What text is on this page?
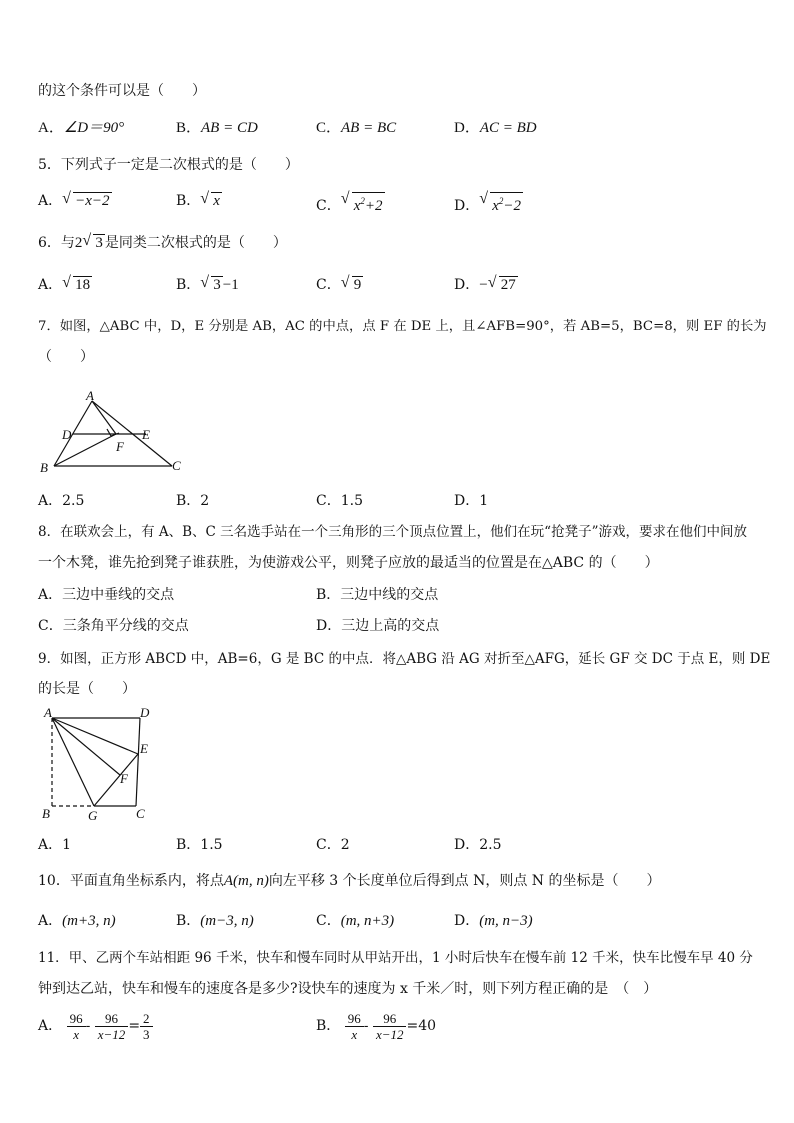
的这个条件可以是（　　）
A．∠D＝90°	B．AB = CD	C．AB = BC	D．AC = BD
5．下列式子一定是二次根式的是（　　）
A． √ −x−2	B． √ x	C． √ $x^2+2$	D． √ $x^2-2$
6．与2 √ 3 是同类二次根式的是（　　）
A． √ 18	B． √ 3 −1	C． √ 9	D．− √ 27
7．如图，△ABC 中，D，E 分别是 AB，AC 的中点，点 F 在 DE 上，且∠AFB=90°，若 AB=5，BC=8，则 EF 的长为
（　　）
A
D	E
F
B	C
A．2.5	B．2	C．1.5	D．1
8．在联欢会上，有 A、B、C 三名选手站在一个三角形的三个顶点位置上，他们在玩“抢凳子”游戏，要求在他们中间放
一个木凳，谁先抢到凳子谁获胜，为使游戏公平，则凳子应放的最适当的位置是在△ABC 的（　　）
A．三边中垂线的交点	B．三边中线的交点
C．三条角平分线的交点	D．三边上高的交点
9．如图，正方形 ABCD 中，AB=6，G 是 BC 的中点．将△ABG 沿 AG 对折至△AFG，延长 GF 交 DC 于点 E，则 DE
的长是（　　）
A	D
E
F
B	G	C
A．1	B．1.5	C．2	D．2.5
10．平面直角坐标系内，将点A(m, n)向左平移 3 个长度单位后得到点 N，则点 N 的坐标是（　　）
A．(m+3, n)	B．(m−3, n)	C．(m, n+3)	D．(m, n−3)
11．甲、乙两个车站相距 96 千米，快车和慢车同时从甲站开出，1 小时后快车在慢车前 12 千米，快车比慢车早 40 分
钟到达乙站，快车和慢车的速度各是多少?设快车的速度为 x 千米／时，则下列方程正确的是　（　）
A． $\frac{96}{x} - \frac{96}{x-12} = \frac{2}{3}$	B． $\frac{96}{x} - \frac{96}{x-12} =40$
